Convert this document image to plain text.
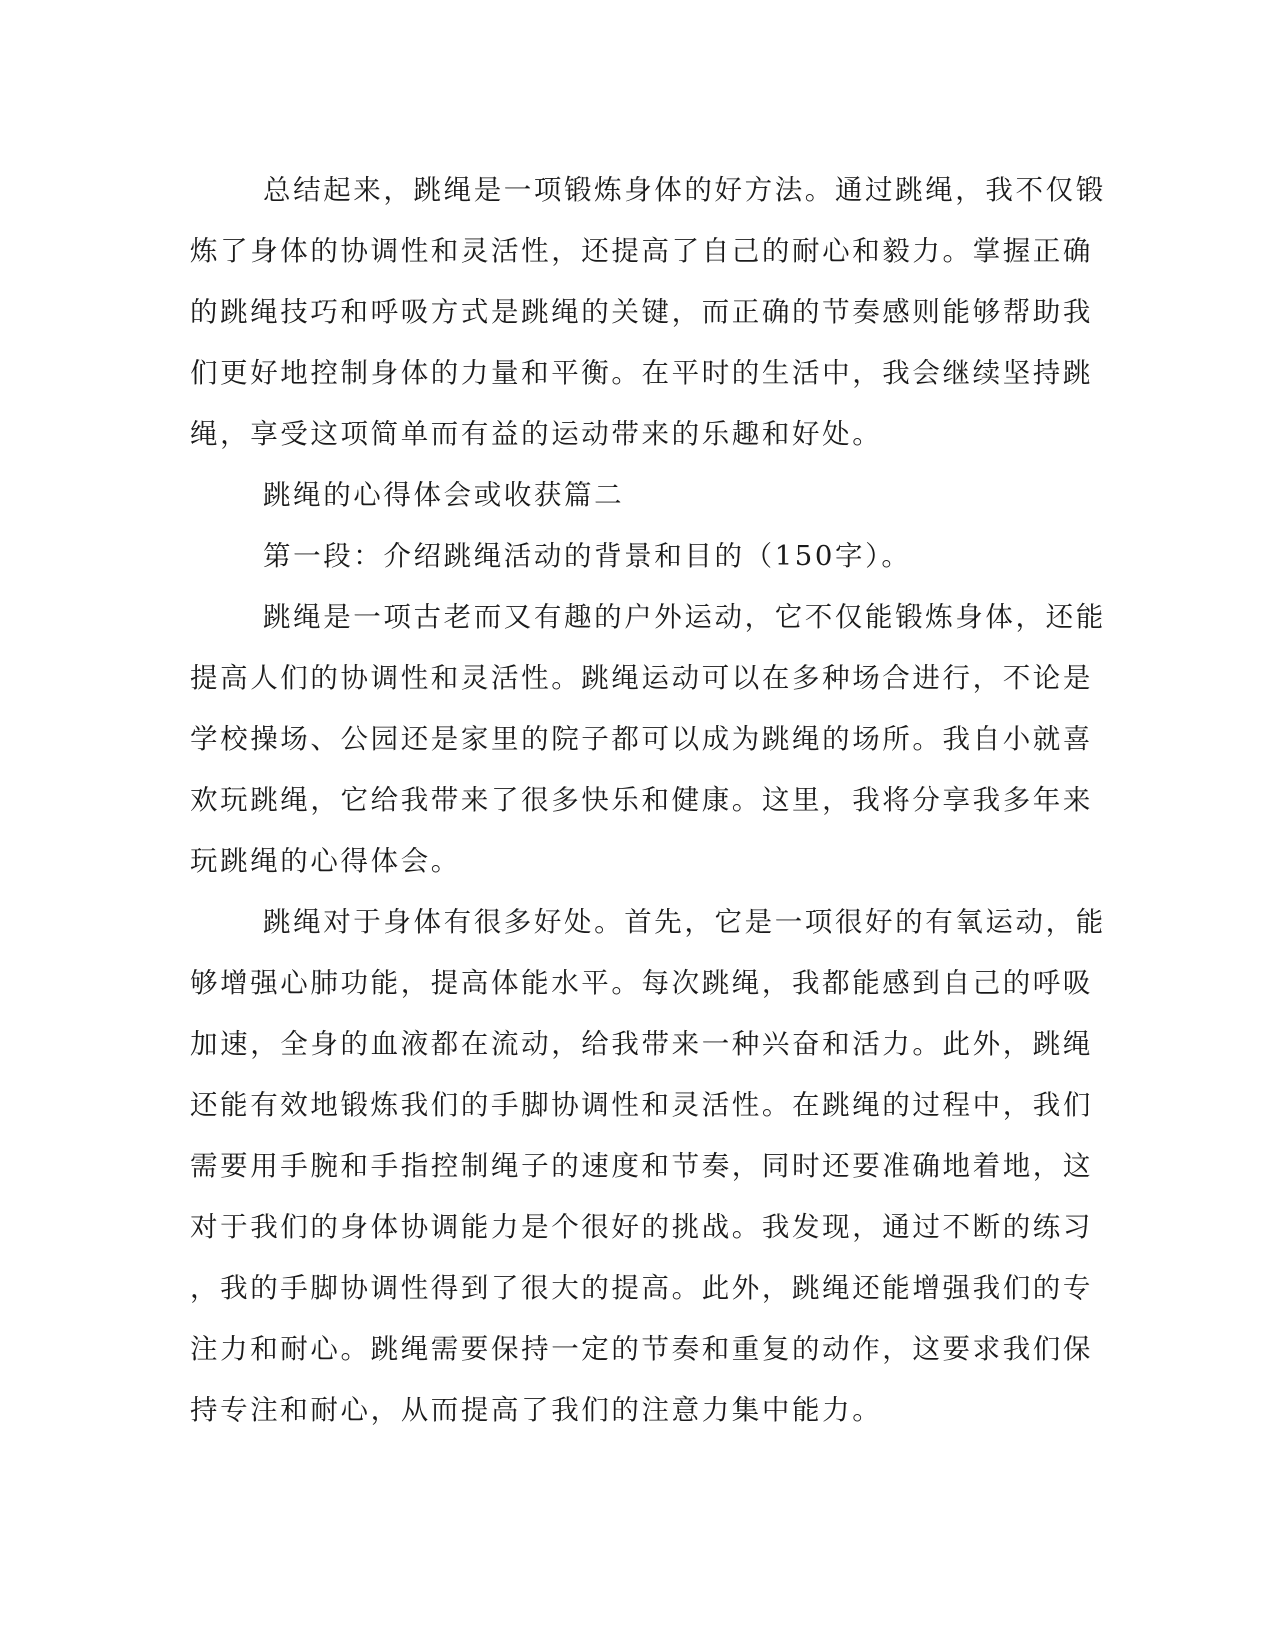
总结起来，跳绳是一项锻炼身体的好方法。通过跳绳，我不仅锻
炼了身体的协调性和灵活性，还提高了自己的耐心和毅力。掌握正确
的跳绳技巧和呼吸方式是跳绳的关键，而正确的节奏感则能够帮助我
们更好地控制身体的力量和平衡。在平时的生活中，我会继续坚持跳
绳，享受这项简单而有益的运动带来的乐趣和好处。
跳绳的心得体会或收获篇二
第一段：介绍跳绳活动的背景和目的（150字）。
跳绳是一项古老而又有趣的户外运动，它不仅能锻炼身体，还能
提高人们的协调性和灵活性。跳绳运动可以在多种场合进行，不论是
学校操场、公园还是家里的院子都可以成为跳绳的场所。我自小就喜
欢玩跳绳，它给我带来了很多快乐和健康。这里，我将分享我多年来
玩跳绳的心得体会。
跳绳对于身体有很多好处。首先，它是一项很好的有氧运动，能
够增强心肺功能，提高体能水平。每次跳绳，我都能感到自己的呼吸
加速，全身的血液都在流动，给我带来一种兴奋和活力。此外，跳绳
还能有效地锻炼我们的手脚协调性和灵活性。在跳绳的过程中，我们
需要用手腕和手指控制绳子的速度和节奏，同时还要准确地着地，这
对于我们的身体协调能力是个很好的挑战。我发现，通过不断的练习
，我的手脚协调性得到了很大的提高。此外，跳绳还能增强我们的专
注力和耐心。跳绳需要保持一定的节奏和重复的动作，这要求我们保
持专注和耐心，从而提高了我们的注意力集中能力。
